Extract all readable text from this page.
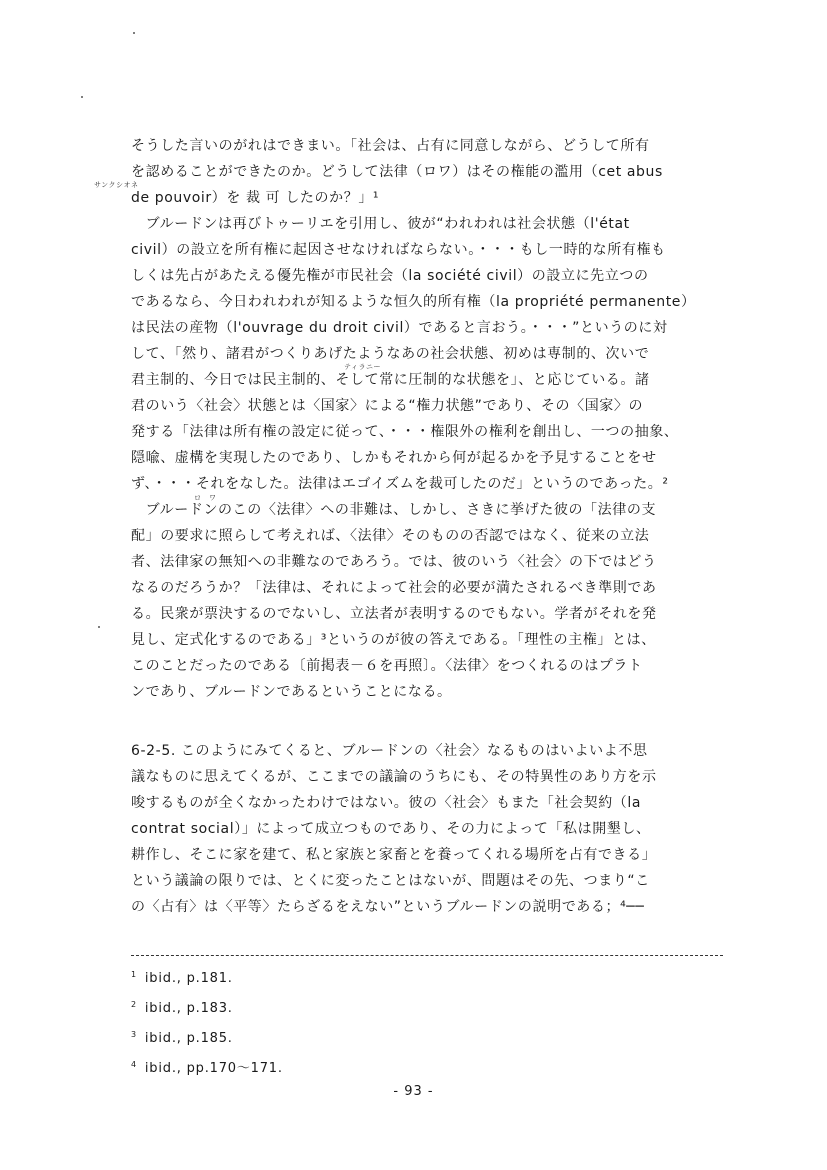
サンクシオネ
ティラニー
ロ　ワ
そうした言いのがれはできまい。「社会は、占有に同意しながら、どうして所有
を認めることができたのか。どうして法律（ロワ）はその権能の濫用（cet abus
de pouvoir）を 裁 可 したのか？」¹
　ブルードンは再びトゥーリエを引用し、彼が“われわれは社会状態（l'état
civil）の設立を所有権に起因させなければならない。・・・もし一時的な所有権も
しくは先占があたえる優先権が市民社会（la société civil）の設立に先立つの
であるなら、今日われわれが知るような恒久的所有権（la propriété permanente）
は民法の産物（l'ouvrage du droit civil）であると言おう。・・・”というのに対
して、「然り、諸君がつくりあげたようなあの社会状態、初めは専制的、次いで
君主制的、今日では民主制的、そして常に圧制的な状態を」、と応じている。諸
君のいう〈社会〉状態とは〈国家〉による“権力状態”であり、その〈国家〉の
発する「法律は所有権の設定に従って、・・・権限外の権利を創出し、一つの抽象、
隠喩、虚構を実現したのであり、しかもそれから何が起るかを予見することをせ
ず、・・・それをなした。法律はエゴイズムを裁可したのだ」というのであった。²
　ブルードンのこの〈法律〉への非難は、しかし、さきに挙げた彼の「法律の支
配」の要求に照らして考えれば、〈法律〉そのものの否認ではなく、従来の立法
者、法律家の無知への非難なのであろう。では、彼のいう〈社会〉の下ではどう
なるのだろうか？「法律は、それによって社会的必要が満たされるべき準則であ
る。民衆が票決するのでないし、立法者が表明するのでもない。学者がそれを発
見し、定式化するのである」³というのが彼の答えである。「理性の主権」とは、
このことだったのである〔前掲表－６を再照〕。〈法律〉をつくれるのはプラト
ンであり、ブルードンであるということになる。
6-2-5. このようにみてくると、ブルードンの〈社会〉なるものはいよいよ不思
議なものに思えてくるが、ここまでの議論のうちにも、その特異性のあり方を示
唆するものが全くなかったわけではない。彼の〈社会〉もまた「社会契約（la
contrat social）」によって成立つものであり、その力によって「私は開墾し、
耕作し、そこに家を建て、私と家族と家畜とを養ってくれる場所を占有できる」
という議論の限りでは、とくに変ったことはないが、問題はその先、つまり“こ
の〈占有〉は〈平等〉たらざるをえない”というブルードンの説明である；⁴──
$^1$ ibid., p.181.
$^2$ ibid., p.183.
$^3$ ibid., p.185.
$^4$ ibid., pp.170～171.
- 93 -
